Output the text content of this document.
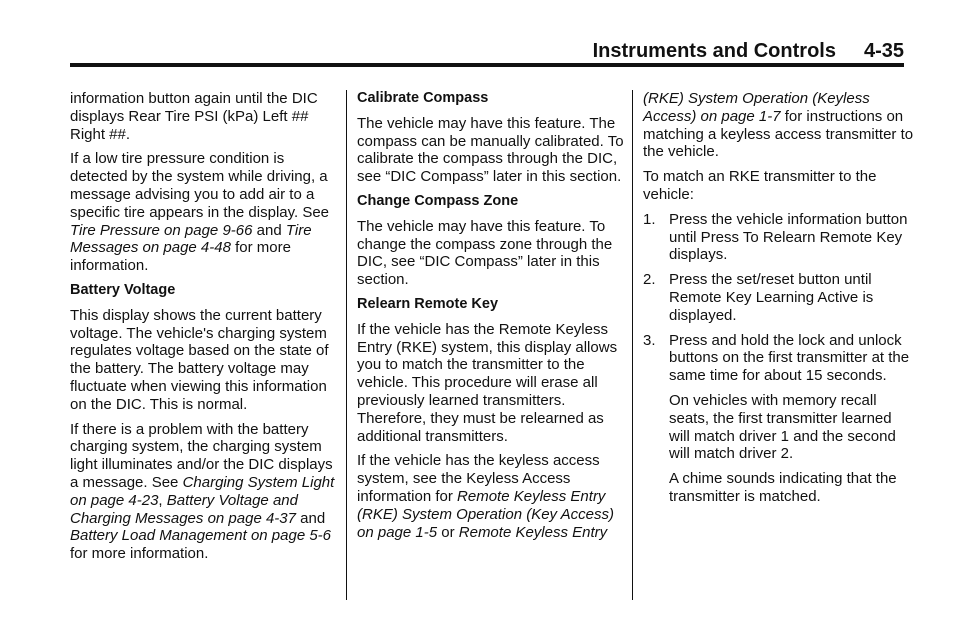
Instruments and Controls 4-35

information button again until the DIC displays Rear Tire PSI (kPa) Left ## Right ##.

If a low tire pressure condition is detected by the system while driving, a message advising you to add air to a specific tire appears in the display. See Tire Pressure on page 9-66 and Tire Messages on page 4-48 for more information.

Battery Voltage

This display shows the current battery voltage. The vehicle's charging system regulates voltage based on the state of the battery. The battery voltage may fluctuate when viewing this information on the DIC. This is normal.

If there is a problem with the battery charging system, the charging system light illuminates and/or the DIC displays a message. See Charging System Light on page 4-23, Battery Voltage and Charging Messages on page 4-37 and Battery Load Management on page 5-6 for more information.

Calibrate Compass

The vehicle may have this feature. The compass can be manually calibrated. To calibrate the compass through the DIC, see “DIC Compass” later in this section.

Change Compass Zone

The vehicle may have this feature. To change the compass zone through the DIC, see “DIC Compass” later in this section.

Relearn Remote Key

If the vehicle has the Remote Keyless Entry (RKE) system, this display allows you to match the transmitter to the vehicle. This procedure will erase all previously learned transmitters. Therefore, they must be relearned as additional transmitters.

If the vehicle has the keyless access system, see the Keyless Access information for Remote Keyless Entry (RKE) System Operation (Key Access) on page 1-5 or Remote Keyless Entry

(RKE) System Operation (Keyless Access) on page 1-7 for instructions on matching a keyless access transmitter to the vehicle.

To match an RKE transmitter to the vehicle:

1. Press the vehicle information button until Press To Relearn Remote Key displays.
2. Press the set/reset button until Remote Key Learning Active is displayed.
3. Press and hold the lock and unlock buttons on the first transmitter at the same time for about 15 seconds.

On vehicles with memory recall seats, the first transmitter learned will match driver 1 and the second will match driver 2.

A chime sounds indicating that the transmitter is matched.
